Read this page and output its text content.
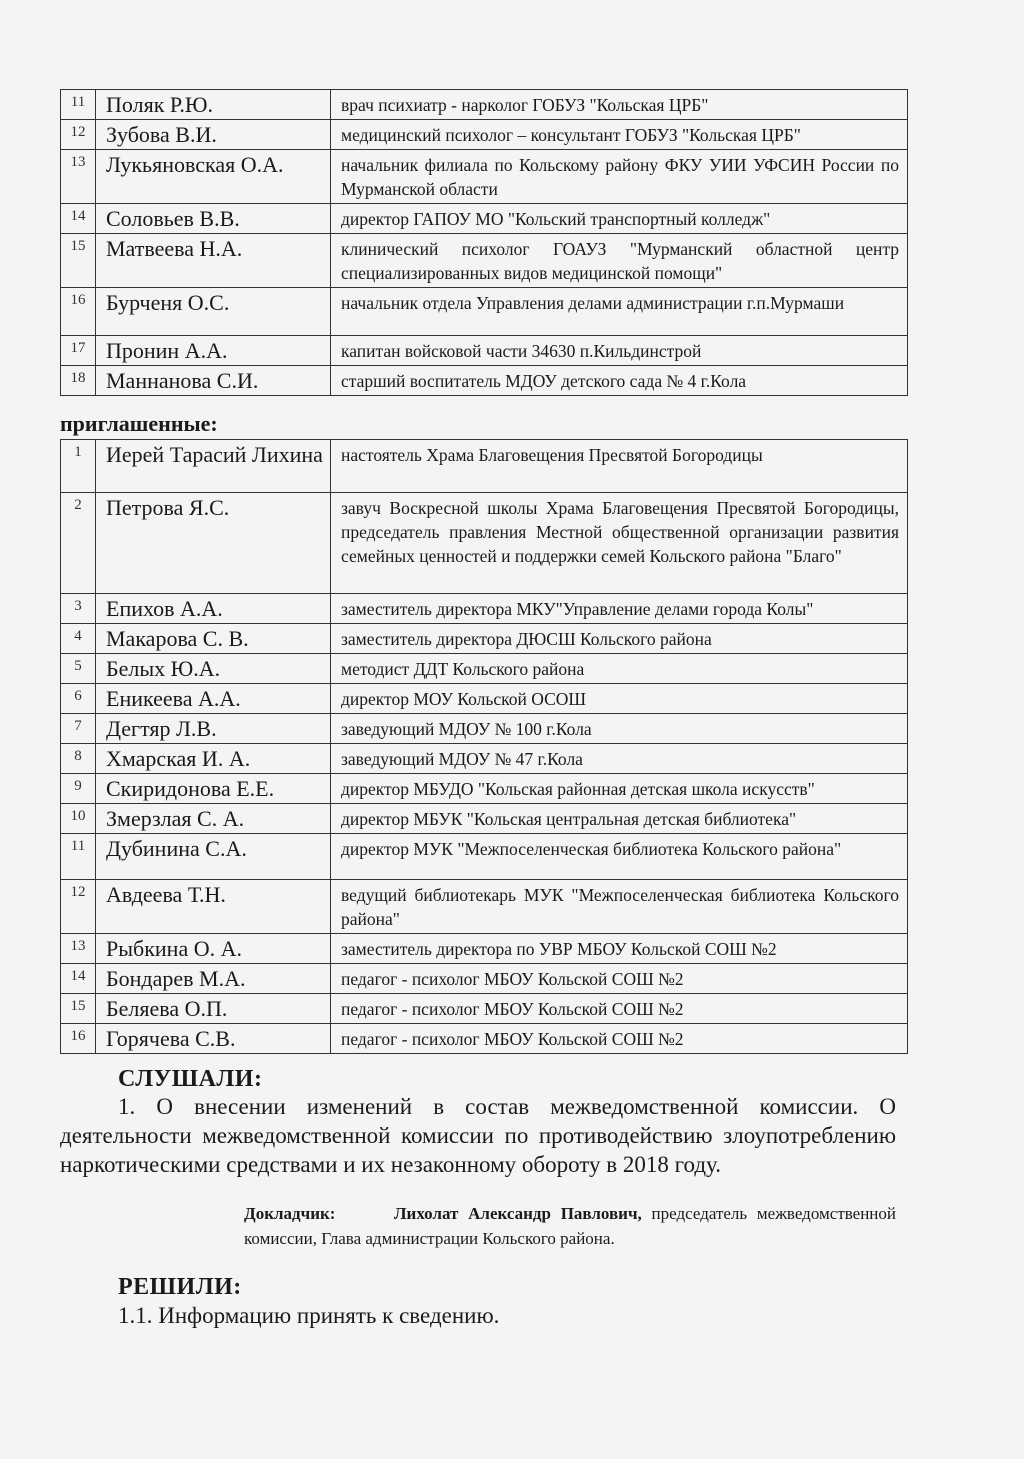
11	Поляк Р.Ю.	врач психиатр - нарколог ГОБУЗ "Кольская ЦРБ"
12	Зубова В.И.	медицинский психолог – консультант ГОБУЗ "Кольская ЦРБ"
13	Лукьяновская О.А.	начальник филиала по Кольскому району ФКУ УИИ УФСИН России по Мурманской области
14	Соловьев В.В.	директор ГАПОУ МО "Кольский транспортный колледж"
15	Матвеева Н.А.	клинический психолог ГОАУЗ "Мурманский областной центр специализированных видов медицинской помощи"
16	Бурченя О.С.	начальник отдела Управления делами администрации г.п.Мурмаши
17	Пронин А.А.	капитан войсковой части 34630 п.Кильдинстрой
18	Маннанова С.И.	старший воспитатель МДОУ детского сада № 4 г.Кола
приглашенные:
1	Иерей Тарасий Лихина	настоятель Храма Благовещения Пресвятой Богородицы
2	Петрова Я.С.	завуч Воскресной школы Храма Благовещения Пресвятой Богородицы, председатель правления Местной общественной организации развития семейных ценностей и поддержки семей Кольского района "Благо"
3	Епихов А.А.	заместитель директора МКУ"Управление делами города Колы"
4	Макарова С. В.	заместитель директора ДЮСШ Кольского района
5	Белых Ю.А.	методист ДДТ Кольского района
6	Еникеева А.А.	директор МОУ Кольской ОСОШ
7	Дегтяр Л.В.	заведующий МДОУ № 100 г.Кола
8	Хмарская И. А.	заведующий МДОУ № 47 г.Кола
9	Скиридонова Е.Е.	директор МБУДО "Кольская районная детская школа искусств"
10	Змерзлая С. А.	директор МБУК "Кольская центральная детская библиотека"
11	Дубинина С.А.	директор МУК "Межпоселенческая библиотека Кольского района"
12	Авдеева Т.Н.	ведущий библиотекарь МУК "Межпоселенческая библиотека Кольского района"
13	Рыбкина О. А.	заместитель директора по УВР МБОУ Кольской СОШ №2
14	Бондарев М.А.	педагог - психолог МБОУ Кольской СОШ №2
15	Беляева О.П.	педагог - психолог МБОУ Кольской СОШ №2
16	Горячева С.В.	педагог - психолог МБОУ Кольской СОШ №2
СЛУШАЛИ:
1. О внесении изменений в состав межведомственной комиссии. О деятельности межведомственной комиссии по противодействию злоупотреблению наркотическими средствами и их незаконному обороту в 2018 году.
Докладчик:	Лихолат Александр Павлович, председатель межведомственной комиссии, Глава администрации Кольского района.
РЕШИЛИ:
1.1. Информацию принять к сведению.
